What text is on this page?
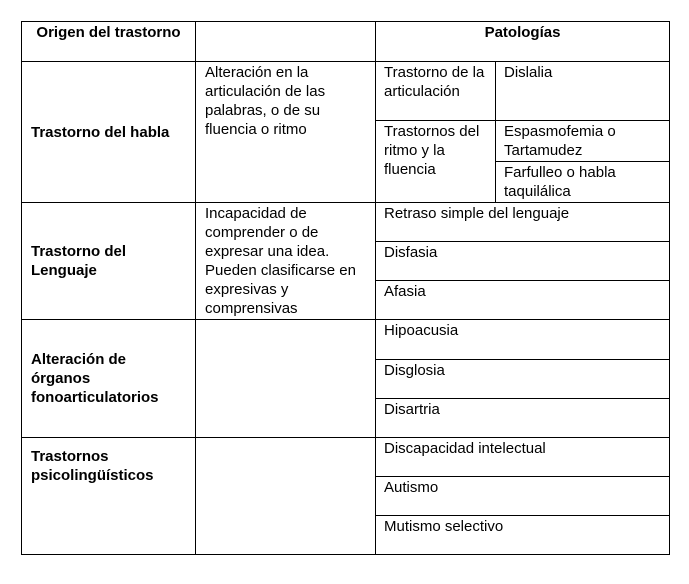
Origen del trastorno		Patologías	
Trastorno del habla	Alteración en la articulación de las palabras, o de su fluencia o ritmo	Trastorno de la articulación	Dislalia
		Trastornos del ritmo y la fluencia	Espasmofemia o Tartamudez
			Farfulleo o habla taquilálica
Trastorno del Lenguaje	Incapacidad de comprender o de expresar una idea. Pueden clasificarse en expresivas y comprensivas	Retraso simple del lenguaje	
		Disfasia	
		Afasia	
Alteración de órganos fonoarticulatorios		Hipoacusia	
		Disglosia	
		Disartria	
Trastornos psicolingüísticos		Discapacidad intelectual	
		Autismo	
		Mutismo selectivo	
